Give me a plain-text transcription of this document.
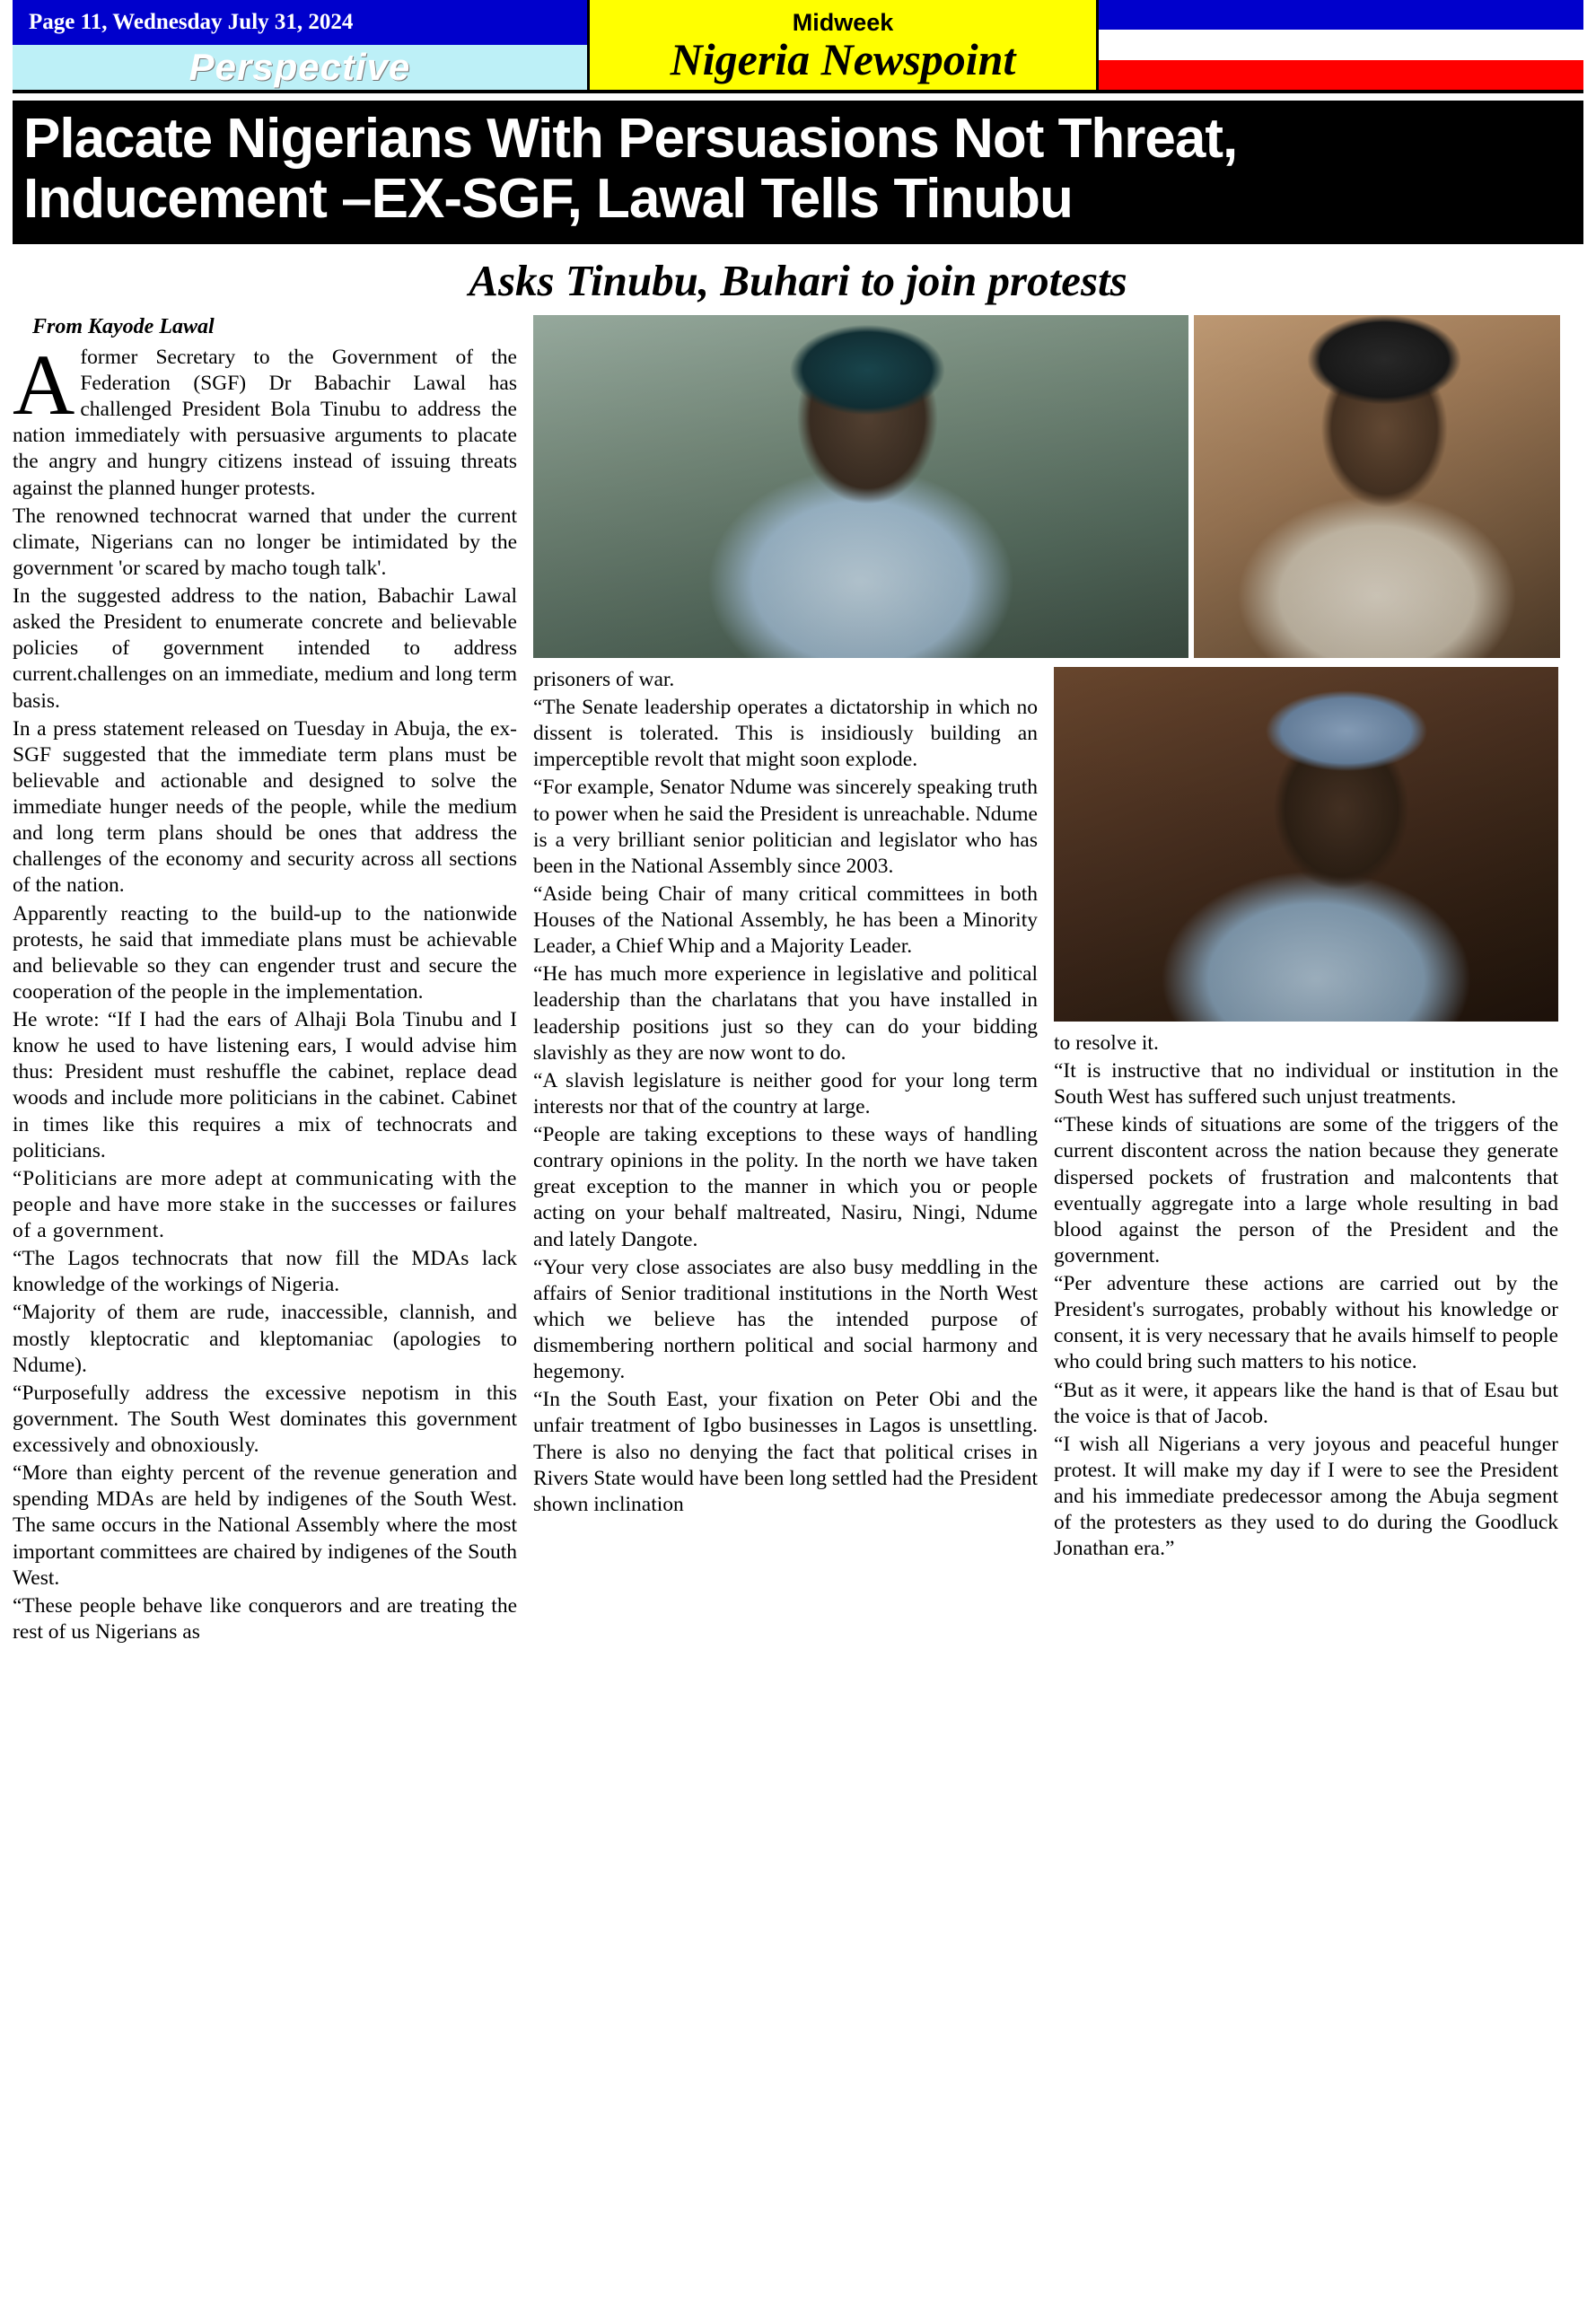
Page 11, Wednesday July 31, 2024
Perspective
Midweek
Nigeria Newspoint
Placate Nigerians With Persuasions Not Threat,
Inducement –EX-SGF, Lawal Tells Tinubu
Asks Tinubu, Buhari to join protests
From Kayode Lawal

Aformer Secretary to the Government of the Federation (SGF) Dr Babachir Lawal has challenged President Bola Tinubu to address the nation immediately with persuasive arguments to placate the angry and hungry citizens instead of issuing threats against the planned hunger protests.

The renowned technocrat warned that under the current climate, Nigerians can no longer be intimidated by the government 'or scared by macho tough talk'.

In the suggested address to the nation, Babachir Lawal asked the President to enumerate concrete and believable policies of government intended to address current.challenges on an immediate, medium and long term basis.

In a press statement released on Tuesday in Abuja, the ex-SGF suggested that the immediate term plans must be believable and actionable and designed to solve the immediate hunger needs of the people, while the medium and long term plans should be ones that address the challenges of the economy and security across all sections of the nation.

Apparently reacting to the build-up to the nationwide protests, he said that immediate plans must be achievable and believable so they can engender trust and secure the cooperation of the people in the implementation.

He wrote: “If I had the ears of Alhaji Bola Tinubu and I know he used to have listening ears, I would advise him thus: President must reshuffle the cabinet, replace dead woods and include more politicians in the cabinet. Cabinet in times like this requires a mix of technocrats and politicians.

“Politicians are more adept at communicating with the people and have more stake in the successes or failures of a government.

“The Lagos technocrats that now fill the MDAs lack knowledge of the workings of Nigeria.

“Majority of them are rude, inaccessible, clannish, and mostly kleptocratic and kleptomaniac (apologies to Ndume).

“Purposefully address the excessive nepotism in this government. The South West dominates this government excessively and obnoxiously.

“More than eighty percent of the revenue generation and spending MDAs are held by indigenes of the South West. The same occurs in the National Assembly where the most important committees are chaired by indigenes of the South West.

“These people behave like conquerors and are treating the rest of us Nigerians as

prisoners of war.

“The Senate leadership operates a dictatorship in which no dissent is tolerated. This is insidiously building an imperceptible revolt that might soon explode.

“For example, Senator Ndume was sincerely speaking truth to power when he said the President is unreachable. Ndume is a very brilliant senior politician and legislator who has been in the National Assembly since 2003.

“Aside being Chair of many critical committees in both Houses of the National Assembly, he has been a Minority Leader, a Chief Whip and a Majority Leader.

“He has much more experience in legislative and political leadership than the charlatans that you have installed in leadership positions just so they can do your bidding slavishly as they are now wont to do.

“A slavish legislature is neither good for your long term interests nor that of the country at large.

“People are taking exceptions to these ways of handling contrary opinions in the polity. In the north we have taken great exception to the manner in which you or people acting on your behalf maltreated, Nasiru, Ningi, Ndume and lately Dangote.

“Your very close associates are also busy meddling in the affairs of Senior traditional institutions in the North West which we believe has the intended purpose of dismembering northern political and social harmony and hegemony.

“In the South East, your fixation on Peter Obi and the unfair treatment of Igbo businesses in Lagos is unsettling. There is also no denying the fact that political crises in Rivers State would have been long settled had the President shown inclination

to resolve it.

“It is instructive that no individual or institution in the South West has suffered such unjust treatments.

“These kinds of situations are some of the triggers of the current discontent across the nation because they generate dispersed pockets of frustration and malcontents that eventually aggregate into a large whole resulting in bad blood against the person of the President and the government.

“Per adventure these actions are carried out by the President's surrogates, probably without his knowledge or consent, it is very necessary that he avails himself to people who could bring such matters to his notice.

“But as it were, it appears like the hand is that of Esau but the voice is that of Jacob.

“I wish all Nigerians a very joyous and peaceful hunger protest. It will make my day if I were to see the President and his immediate predecessor among the Abuja segment of the protesters as they used to do during the Goodluck Jonathan era.”
